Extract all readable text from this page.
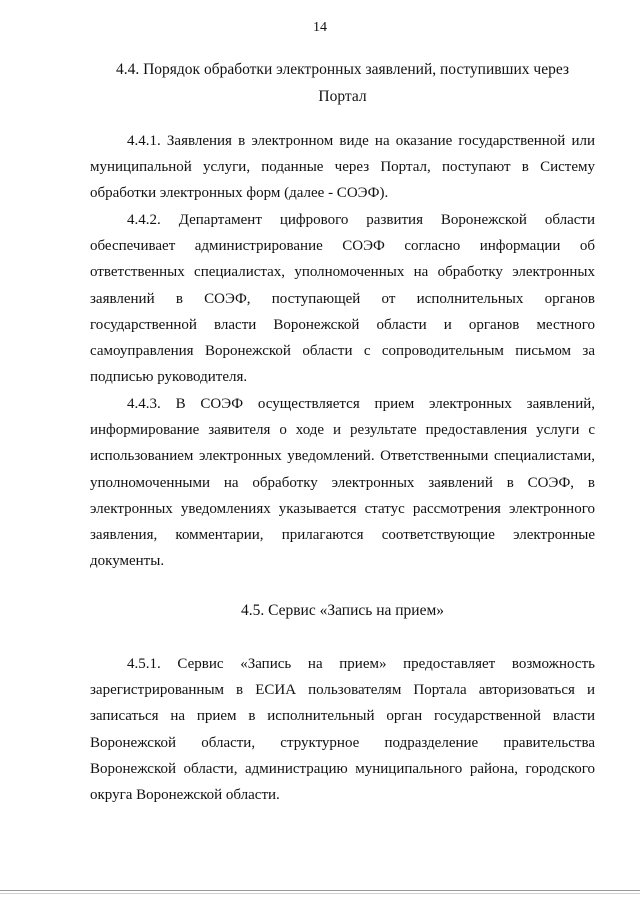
14
4.4. Порядок обработки электронных заявлений, поступивших через Портал

4.4.1. Заявления в электронном виде на оказание государственной или муниципальной услуги, поданные через Портал, поступают в Систему обработки электронных форм (далее - СОЭФ).

4.4.2. Департамент цифрового развития Воронежской области обеспечивает администрирование СОЭФ согласно информации об ответственных специалистах, уполномоченных на обработку электронных заявлений в СОЭФ, поступающей от исполнительных органов государственной власти Воронежской области и органов местного самоуправления Воронежской области с сопроводительным письмом за подписью руководителя.

4.4.3. В СОЭФ осуществляется прием электронных заявлений, информирование заявителя о ходе и результате предоставления услуги с использованием электронных уведомлений. Ответственными специалистами, уполномоченными на обработку электронных заявлений в СОЭФ, в электронных уведомлениях указывается статус рассмотрения электронного заявления, комментарии, прилагаются соответствующие электронные документы.

4.5. Сервис «Запись на прием»

4.5.1. Сервис «Запись на прием» предоставляет возможность зарегистрированным в ЕСИА пользователям Портала авторизоваться и записаться на прием в исполнительный орган государственной власти Воронежской области, структурное подразделение правительства Воронежской области, администрацию муниципального района, городского округа Воронежской области.
